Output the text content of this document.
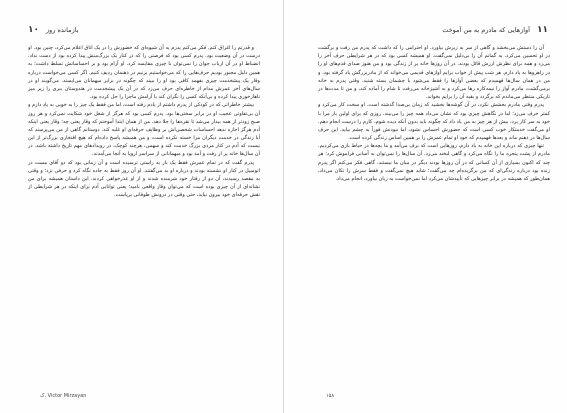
۱۰ بازمانده روز

و قدرتم را اغراق کنم. فکر می‌کنم پدرم به آن شیوه‌ای که حضورش را در یک اتاق اعلام می‌کرد، چنین بود. او درست در آن وضعیت بود. پدرم کسی بود که فرصتی را که در کنار یک بزرگ‌منش پیدا کرده بود از دست نداد. انضباط او در آن ارباب جوان را نمی‌توان با چیزی مقایسه کرد. او آرام بود و بر احساساتش تسلط داشت؛ به همین دلیل مجبور بودیم حرف‌هایی را که می‌خواستیم بزنیم در ذهنمان ردیف کنیم. اگر کسی می‌خواست درباره وقار یک پیشخدمت چیزی بفهمد کافی بود او را ببیند که چگونه در برابر میهمانان می‌ایستد. می‌گویند او در سال‌های آخر عمرش مدام از خاطره‌ای حرف می‌زد که در آن یک پیشخدمت در هندوستان ببری را زیر میز ناهارخوری پیدا کرده و بی‌آنکه کسی را نگران کند با آرامش ماجرا را حل کرده بود.

بیشتر خاطراتی که در کودکی از پدرم داشتم از یادم رفته است، اما من فقط یک چیز را به خوبی به یاد دارم و آن بی‌تفاوتی عجیب او در برابر سختی‌ها بود. پدرم کسی بود که هرگز از شغل خود شکایت نمی‌کرد و هر روز صبح زودتر از همه بیدار می‌شد تا نقره‌ها را جلا دهد. من از همان ابتدا آموختم که وقار یعنی چه؛ وقار یعنی اینکه آدم هرگز اجازه ندهد احساسات شخصی‌اش بر وظایف حرفه‌ای او غلبه کند. دوستانم گاهی از من می‌پرسند که آیا زندگی در خدمت دیگران مرا خسته نکرده است، و من همیشه پاسخ داده‌ام که هیچ افتخاری بزرگ‌تر از این نیست که آدم در کنار مردی بزرگ خدمت کند و سهمی، هرچند کوچک، در رویدادهای مهم تاریخ داشته باشد. در آن سال‌ها خانه پر از رفت و آمد بود و میهمانانی از سراسر اروپا به آنجا می‌آمدند.

پدرم گفت که در تمام عمرش فقط یک بار به راستی ترسیده است و آن زمانی بود که دو آقای مست در اتومبیل در کنار او نشسته بودند و درباره او بد می‌گفتند. او آن روز فقط به جاده نگاه کرد و حرفی نزد؛ و وقتی به مقصد رسیدند، آن دو از رفتار خود شرمنده شدند و از او عذرخواهی کردند. این داستان همیشه برای من نشانه‌ای از آن چیزی بوده است که می‌توان وقار واقعی نامید؛ یعنی توانایی آدم برای اینکه در هر شرایطی از نقش حرفه‌ای خود بیرون نیاید، حتی وقتی در درونش طوفانی برپاست.

ک. Victor Mirzayan
۱۱
آوازهایی که مادرم به من آموخت

آن را دستش می‌بخشد و گاهی از سر به زیرش بیاورد. او احترامی را که داشت که پدرم من رفت و برگشت در او تحسین می‌کرد، به گمانم آن را بی‌دلیل نمی‌گفت. او همیشه کسی بود که در هر شرایطی حرف آخر را می‌زد و همه برای نظرش ارزش قائل بودند. در آن روزها خانه پر از زندگی بود و من هنوز صدای قدم‌های او را در راهروها به یاد دارم. هر شب پیش از خواب برایم آوازهای قدیمی می‌خواند که از مادربزرگش یاد گرفته بود، و من در همان سال‌ها فهمیدم که بعضی آوازها را فقط می‌شود با چشمان بسته شنید. وقتی پدرم به خانه برمی‌گشت، مادرم آواز را نیمه‌کاره رها می‌کرد و به آشپزخانه می‌رفت تا شام را آماده کند، و من تا مدت‌ها در تاریکی منتظر می‌ماندم که برگردد و بقیه آن را برایم بخواند.

پدرم وقتی مادرم بخشش نکرد، در آن گوشه‌ها بخشید که زمان بی‌صدا گذشته است. او سخت کار می‌کرد و کمتر حرف می‌زد؛ اما در نگاهش چیزی بود که نشان می‌داد همه چیز را می‌بیند. روزی که برای اولین بار مرا با خود به سر کار برد، بیش از هر چیز به من یاد داد که چگونه باید بدون آنکه دیده شوم، کارم را درست انجام دهم. او می‌گفت خدمتکار خوب کسی است که حضورش احساس نشود، اما نبودنش فوراً به چشم بیاید. این حرف سال‌ها در ذهنم ماند و بعدها فهمیدم که خود او تمام عمرش را بر همین اساس زندگی کرده است.

تنها چیزی که درباره این خانه به یاد دارم، روزهایی است که برف می‌آمد و ما بچه‌ها در حیاط بازی می‌کردیم. مادرم از پشت پنجره ما را نگاه می‌کرد و گاهی لبخند می‌زد. آن سال‌ها را نمی‌توان به آسانی فراموش کرد؛ هر چند که اکنون بسیاری از آن کسانی که در آن روزها بودند دیگر در میان ما نیستند. گاهی فکر می‌کنم اگر پدرم زنده بود درباره زندگی‌ای که من برگزیده‌ام چه می‌گفت؛ شاید هیچ نمی‌گفت و فقط سرش را تکان می‌داد، همان‌طور که همیشه در برابر چیزهایی که تأییدشان می‌کرد اما نمی‌خواست به زبان بیاورد، انجام می‌داد.

۱۵۸
